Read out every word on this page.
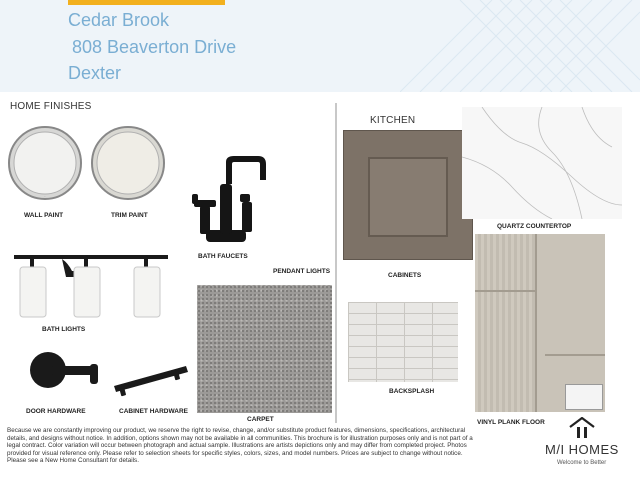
Cedar Brook
808 Beaverton Drive
Dexter
HOME FINISHES
·
WALL PAINT	TRIM PAINT
BATH FAUCETS
PENDANT LIGHTS
BATH LIGHTS
CARPET
DOOR HARDWARE	CABINET HARDWARE
KITCHEN
CABINETS
QUARTZ COUNTERTOP
BACKSPLASH
VINYL PLANK FLOOR
Because we are constantly improving our product, we reserve the right to revise, change, and/or substitute product features, dimensions, specifications, architectural details, and designs without notice. In addition, options shown may not be available in all communities. This brochure is for illustration purposes only and is not part of a legal contract. Color variation will occur between photograph and actual sample. Illustrations are artists depictions only and may differ from completed project. Photos provided for visual reference only. Please refer to selection sheets for specific styles, colors, sizes, and model numbers. Prices are subject to change without notice. Please see a New Home Consultant for details.
M/I HOMES
Welcome to Better
